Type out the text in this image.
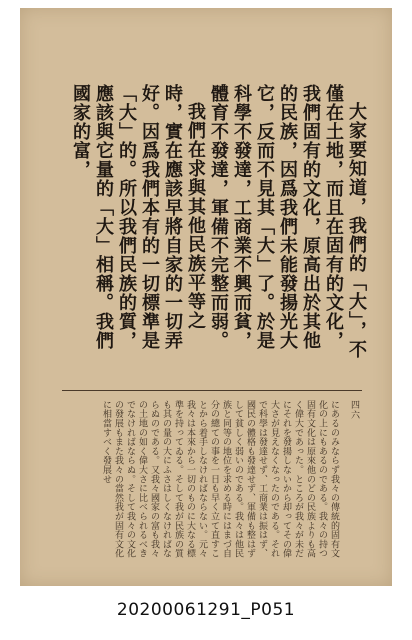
大家要知道，我們的「大」，不僅在土地，而且在固有的文化，我們固有的文化，原高出於其他的民族，因爲我們未能發揚光大它，反而不見其「大」了。於是科學不發達，工商業不興而貧，體育不發達，軍備不完整而弱。

我們在求與其他民族平等之時，實在應該早將自家的一切弄好。因爲我們本有的一切標準是「大」的。所以我們民族的質，應該與它量的「大」相稱。我們國家的富，

四六
にあるのみならず我々の傳統的固有文化の上にもあるのである。我々の持つ固有文化は原來他のどの民族よりも高く偉大であった。ところが我々が未だにそれを發揚しないから却ってその偉大さが見えなくなったのである。それで科學は發達せず、工商業は振はず、國民の體格も發達せず、軍備も整はずして貧しく弱いのである。我々は他民族と同等の地位を求める時にはまづ自分の總ての事を一日も早く立て直すことから着手しなければならない。元々我々は本來から一切のものに大なる標準を持ってゐる。そして我が民族の質も其の量の大にふさはしくなければならぬのである。又我々國家の富も我々の土地の如く偉大さに比べられるべきでなければならぬ。そして我々の文化の發展もまた我々の當然我が固有文化に相當すべく發展せ
20200061291_P051
